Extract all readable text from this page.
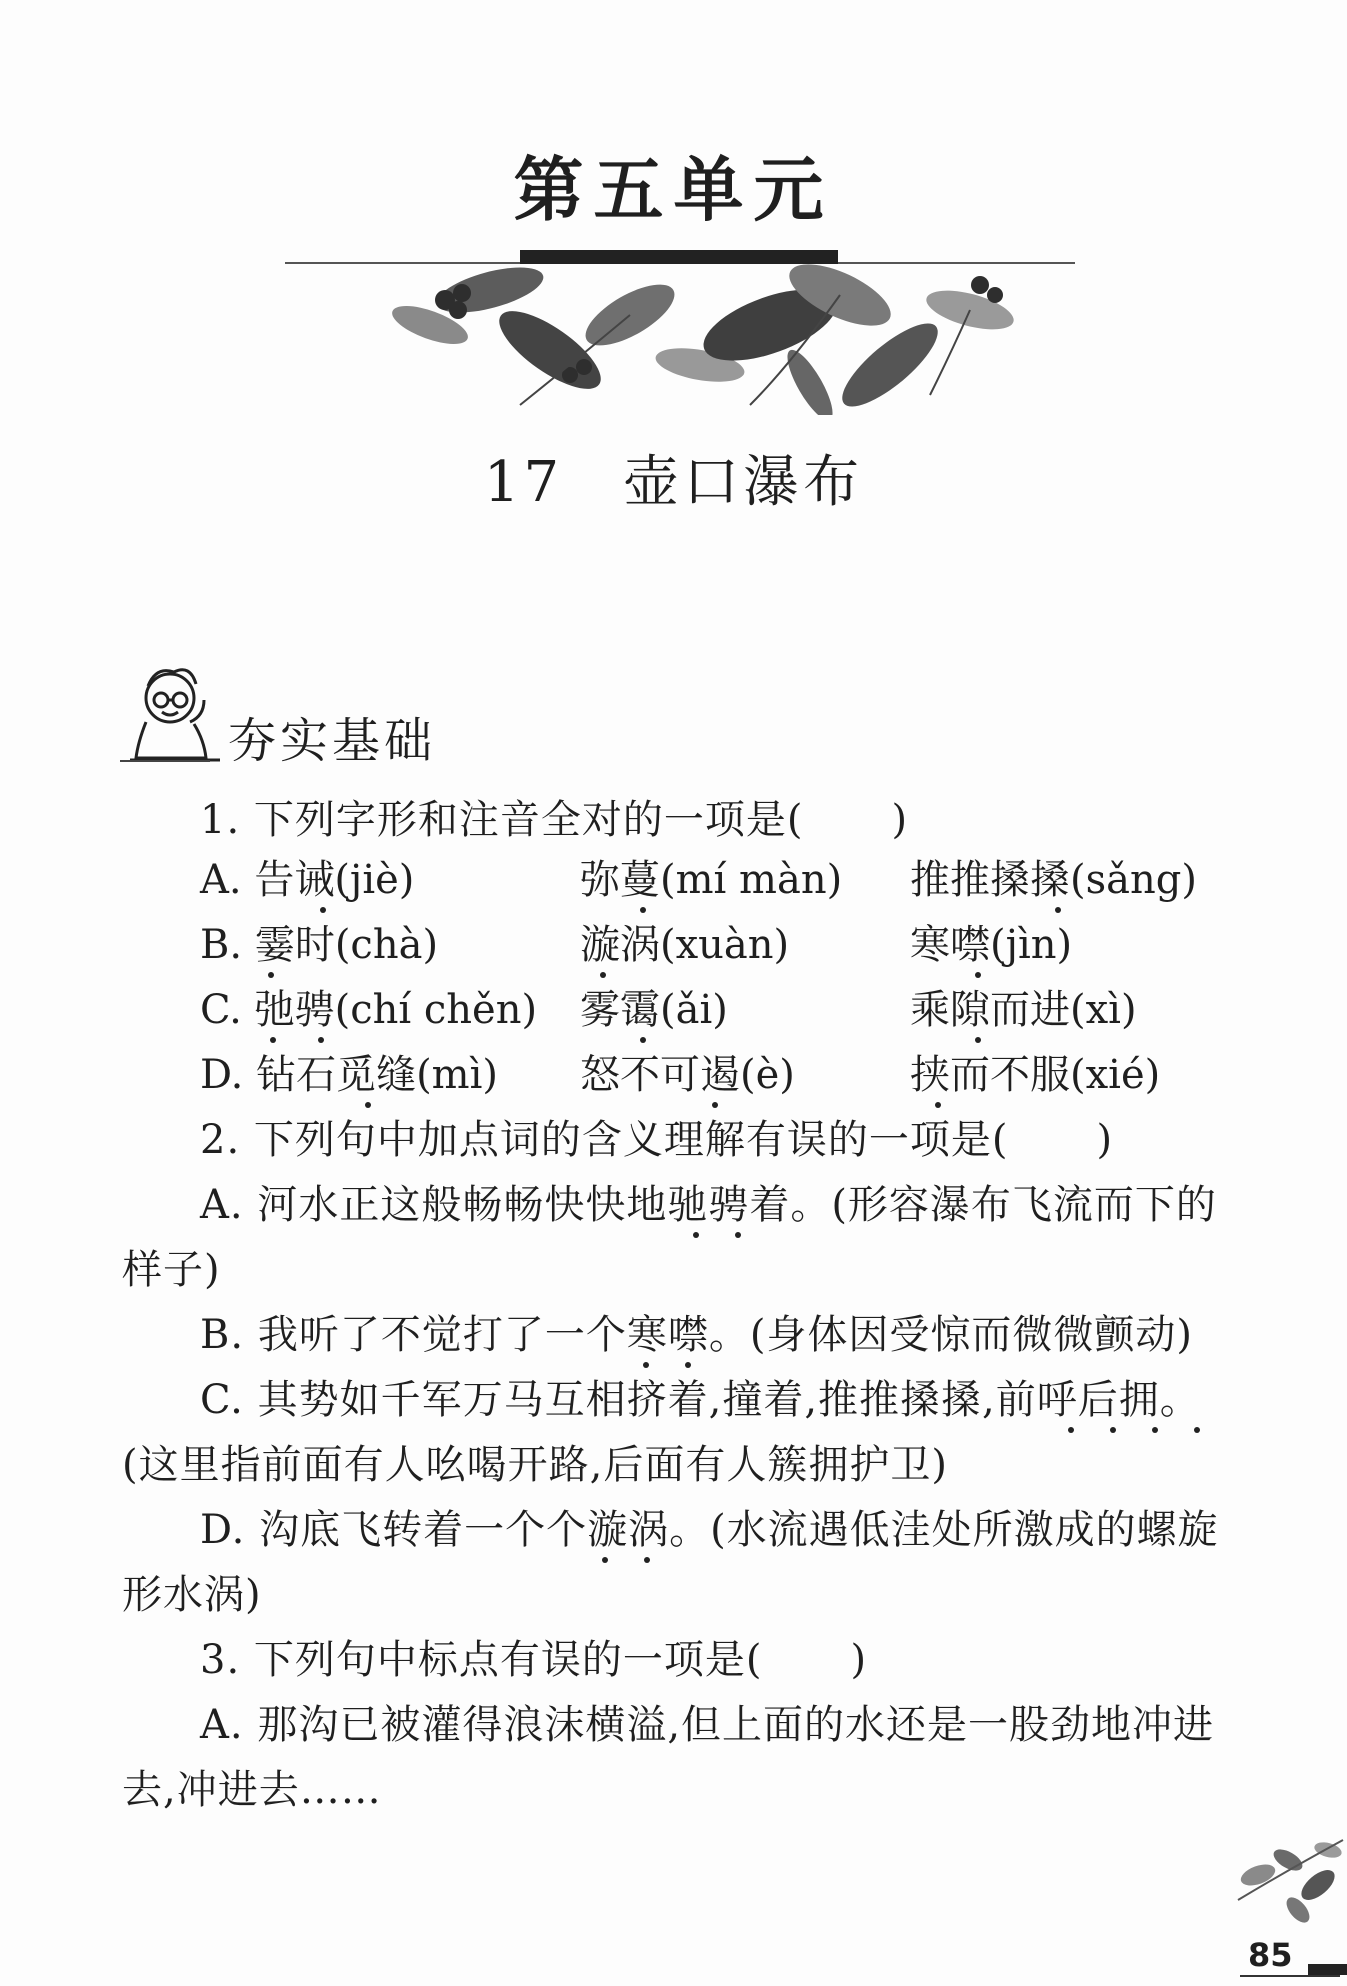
第五单元
17 壶口瀑布
夯实基础
1. 下列字形和注音全对的一项是( )
A. 告诫(jiè)	弥蔓(mí màn) 推推搡搡(sǎng)
B. 霎时(chà)	漩涡(xuàn)	寒噤(jìn)
C. 弛骋(chí chěn) 雾霭(ǎi)	乘隙而进(xì)
D. 钻石觅缝(mì) 怒不可遏(è)	挟而不服(xié)
2. 下列句中加点词的含义理解有误的一项是( )
A. 河水正这般畅畅快快地驰骋着。(形容瀑布飞流而下的
样子)
B. 我听了不觉打了一个寒噤。(身体因受惊而微微颤动)
C. 其势如千军万马互相挤着,撞着,推推搡搡,前呼后拥。
(这里指前面有人吆喝开路,后面有人簇拥护卫)
D. 沟底飞转着一个个漩涡。(水流遇低洼处所激成的螺旋
形水涡)
3. 下列句中标点有误的一项是( )
A. 那沟已被灌得浪沫横溢,但上面的水还是一股劲地冲进
去,冲进去……
85
